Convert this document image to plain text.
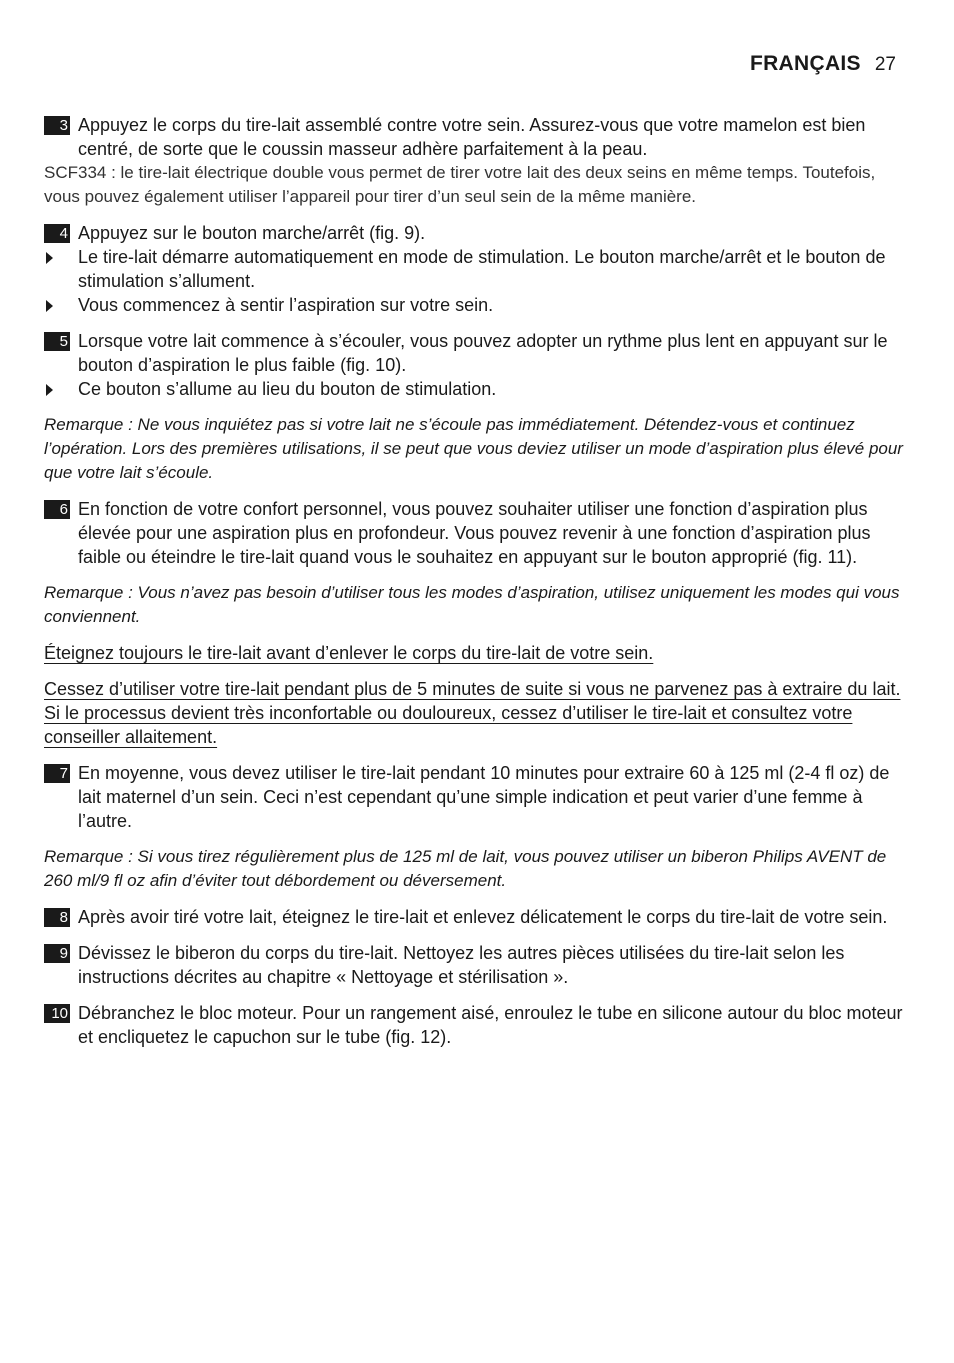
FRANÇAIS 27
3 Appuyez le corps du tire-lait assemblé contre votre sein. Assurez-vous que votre mamelon est bien centré, de sorte que le coussin masseur adhère parfaitement à la peau.
SCF334 : le tire-lait électrique double vous permet de tirer votre lait des deux seins en même temps. Toutefois, vous pouvez également utiliser l’appareil pour tirer d’un seul sein de la même manière.
4 Appuyez sur le bouton marche/arrêt (fig. 9).
Le tire-lait démarre automatiquement en mode de stimulation. Le bouton marche/arrêt et le bouton de stimulation s’allument.
Vous commencez à sentir l’aspiration sur votre sein.
5 Lorsque votre lait commence à s’écouler, vous pouvez adopter un rythme plus lent en appuyant sur le bouton d’aspiration le plus faible (fig. 10).
Ce bouton s’allume au lieu du bouton de stimulation.
Remarque : Ne vous inquiétez pas si votre lait ne s’écoule pas immédiatement. Détendez-vous et continuez l’opération. Lors des premières utilisations, il se peut que vous deviez utiliser un mode d’aspiration plus élevé pour que votre lait s’écoule.
6 En fonction de votre confort personnel, vous pouvez souhaiter utiliser une fonction d’aspiration plus élevée pour une aspiration plus en profondeur. Vous pouvez revenir à une fonction d’aspiration plus faible ou éteindre le tire-lait quand vous le souhaitez en appuyant sur le bouton approprié (fig. 11).
Remarque : Vous n’avez pas besoin d’utiliser tous les modes d’aspiration, utilisez uniquement les modes qui vous conviennent.
Éteignez toujours le tire-lait avant d’enlever le corps du tire-lait de votre sein.
Cessez d’utiliser votre tire-lait pendant plus de 5 minutes de suite si vous ne parvenez pas à extraire du lait. Si le processus devient très inconfortable ou douloureux, cessez d’utiliser le tire-lait et consultez votre conseiller allaitement.
7 En moyenne, vous devez utiliser le tire-lait pendant 10 minutes pour extraire 60 à 125 ml (2-4 fl oz) de lait maternel d’un sein. Ceci n’est cependant qu’une simple indication et peut varier d’une femme à l’autre.
Remarque : Si vous tirez régulièrement plus de 125 ml de lait, vous pouvez utiliser un biberon Philips AVENT de 260 ml/9 fl oz afin d’éviter tout débordement ou déversement.
8 Après avoir tiré votre lait, éteignez le tire-lait et enlevez délicatement le corps du tire-lait de votre sein.
9 Dévissez le biberon du corps du tire-lait. Nettoyez les autres pièces utilisées du tire-lait selon les instructions décrites au chapitre « Nettoyage et stérilisation ».
10 Débranchez le bloc moteur. Pour un rangement aisé, enroulez le tube en silicone autour du bloc moteur et encliquetez le capuchon sur le tube (fig. 12).
